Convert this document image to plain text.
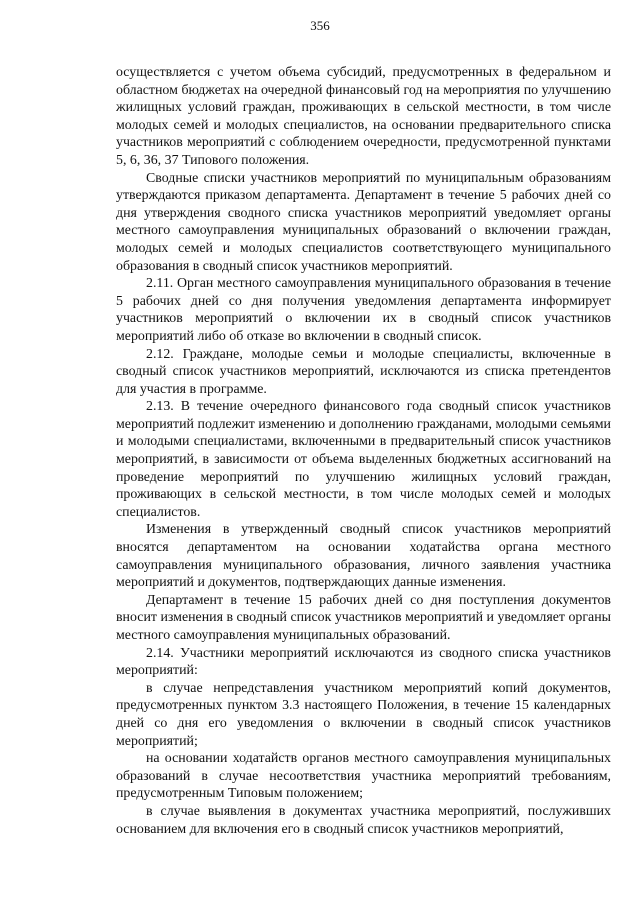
356

осуществляется с учетом объема субсидий, предусмотренных в федеральном и областном бюджетах на очередной финансовый год на мероприятия по улучшению жилищных условий граждан, проживающих в сельской местности, в том числе молодых семей и молодых специалистов, на основании предварительного списка участников мероприятий с соблюдением очередности, предусмотренной пунктами 5, 6, 36, 37 Типового положения.

Сводные списки участников мероприятий по муниципальным образованиям утверждаются приказом департамента. Департамент в течение 5 рабочих дней со дня утверждения сводного списка участников мероприятий уведомляет органы местного самоуправления муниципальных образований о включении граждан, молодых семей и молодых специалистов соответствующего муниципального образования в сводный список участников мероприятий.

2.11. Орган местного самоуправления муниципального образования в течение 5 рабочих дней со дня получения уведомления департамента информирует участников мероприятий о включении их в сводный список участников мероприятий либо об отказе во включении в сводный список.

2.12. Граждане, молодые семьи и молодые специалисты, включенные в сводный список участников мероприятий, исключаются из списка претендентов для участия в программе.

2.13. В течение очередного финансового года сводный список участников мероприятий подлежит изменению и дополнению гражданами, молодыми семьями и молодыми специалистами, включенными в предварительный список участников мероприятий, в зависимости от объема выделенных бюджетных ассигнований на проведение мероприятий по улучшению жилищных условий граждан, проживающих в сельской местности, в том числе молодых семей и молодых специалистов.

Изменения в утвержденный сводный список участников мероприятий вносятся департаментом на основании ходатайства органа местного самоуправления муниципального образования, личного заявления участника мероприятий и документов, подтверждающих данные изменения.

Департамент в течение 15 рабочих дней со дня поступления документов вносит изменения в сводный список участников мероприятий и уведомляет органы местного самоуправления муниципальных образований.

2.14. Участники мероприятий исключаются из сводного списка участников мероприятий:

в случае непредставления участником мероприятий копий документов, предусмотренных пунктом 3.3 настоящего Положения, в течение 15 календарных дней со дня его уведомления о включении в сводный список участников мероприятий;

на основании ходатайств органов местного самоуправления муниципальных образований в случае несоответствия участника мероприятий требованиям, предусмотренным Типовым положением;

в случае выявления в документах участника мероприятий, послуживших основанием для включения его в сводный список участников мероприятий,
